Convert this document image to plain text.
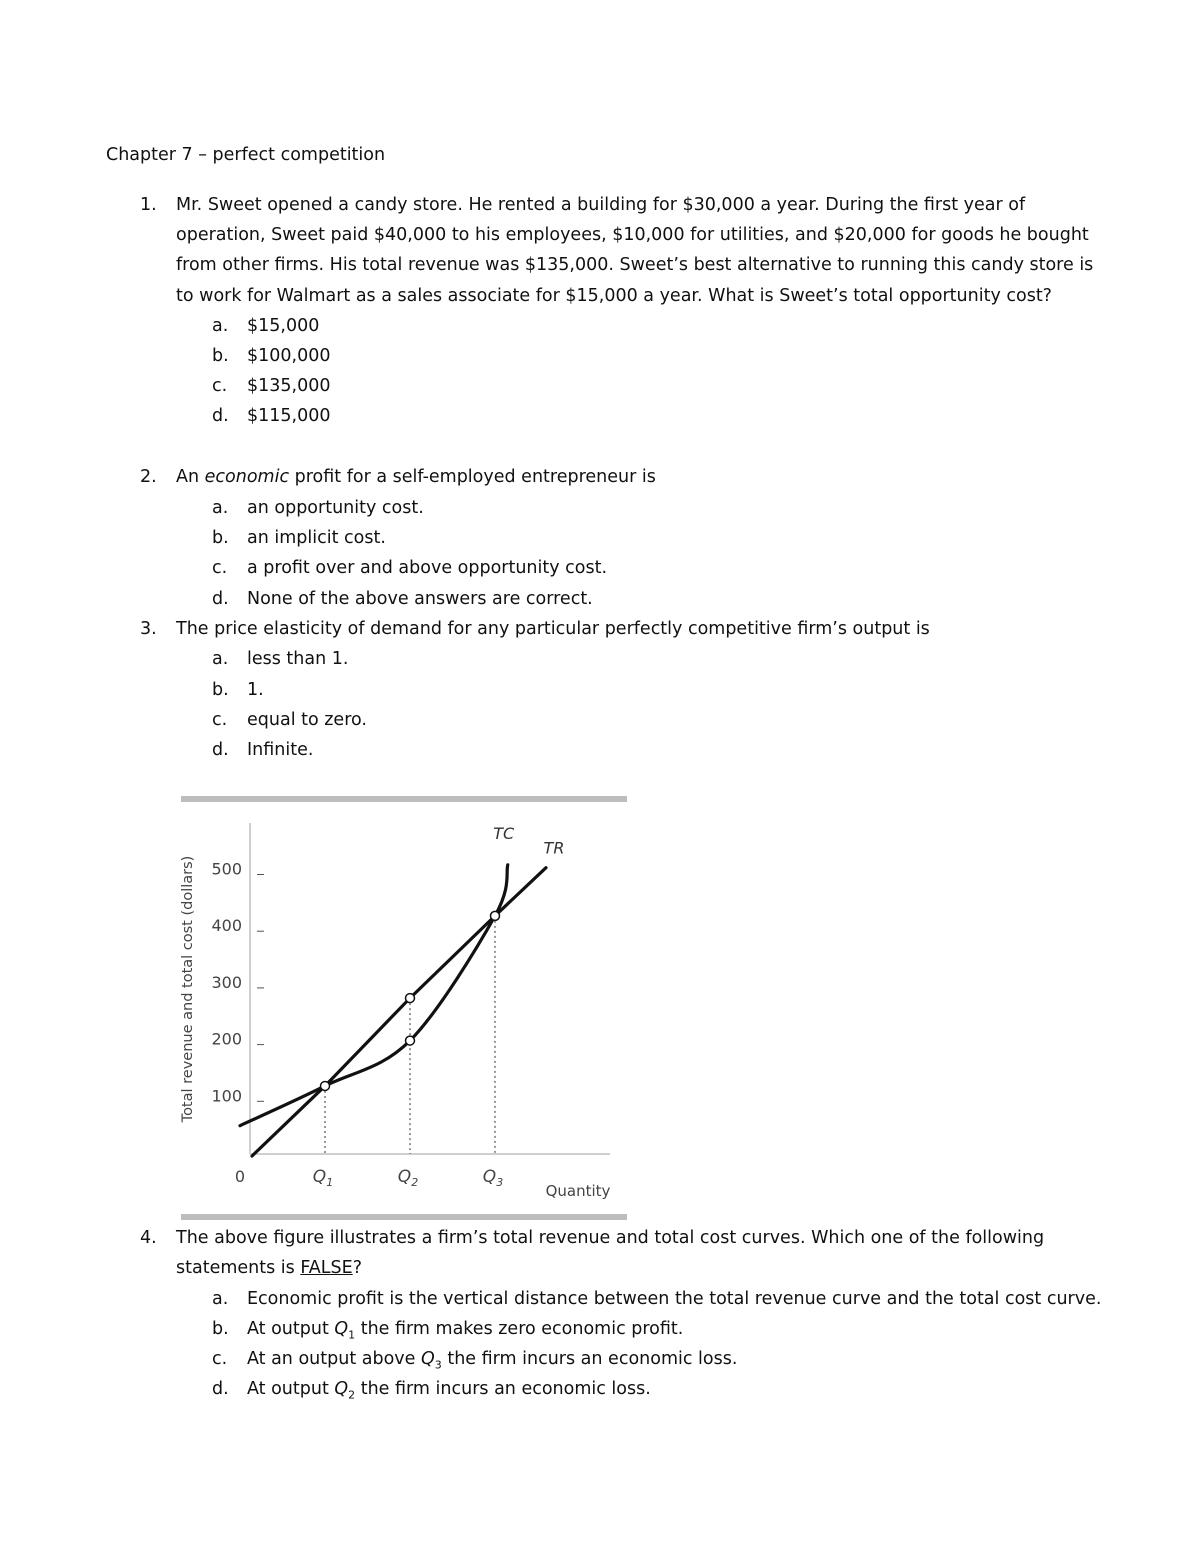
Chapter 7 – perfect competition
1. Mr. Sweet opened a candy store. He rented a building for $30,000 a year. During the first year of
operation, Sweet paid $40,000 to his employees, $10,000 for utilities, and $20,000 for goods he bought
from other firms. His total revenue was $135,000. Sweet’s best alternative to running this candy store is
to work for Walmart as a sales associate for $15,000 a year. What is Sweet’s total opportunity cost?
a. $15,000
b. $100,000
c. $135,000
d. $115,000
2. An economic profit for a self-employed entrepreneur is
a. an opportunity cost.
b. an implicit cost.
c. a profit over and above opportunity cost.
d. None of the above answers are correct.
3. The price elasticity of demand for any particular perfectly competitive firm’s output is
a. less than 1.
b. 1.
c. equal to zero.
d. Infinite.
100
200
300
400
500
Total revenue and total cost (dollars)
0	$Q_1$	$Q_2$	$Q_3$	Quantity
TR
TC
4. The above figure illustrates a firm’s total revenue and total cost curves. Which one of the following
statements is FALSE?
a. Economic profit is the vertical distance between the total revenue curve and the total cost curve.
b. At output $Q_1$ the firm makes zero economic profit.
c. At an output above $Q_3$ the firm incurs an economic loss.
d. At output $Q_2$ the firm incurs an economic loss.
